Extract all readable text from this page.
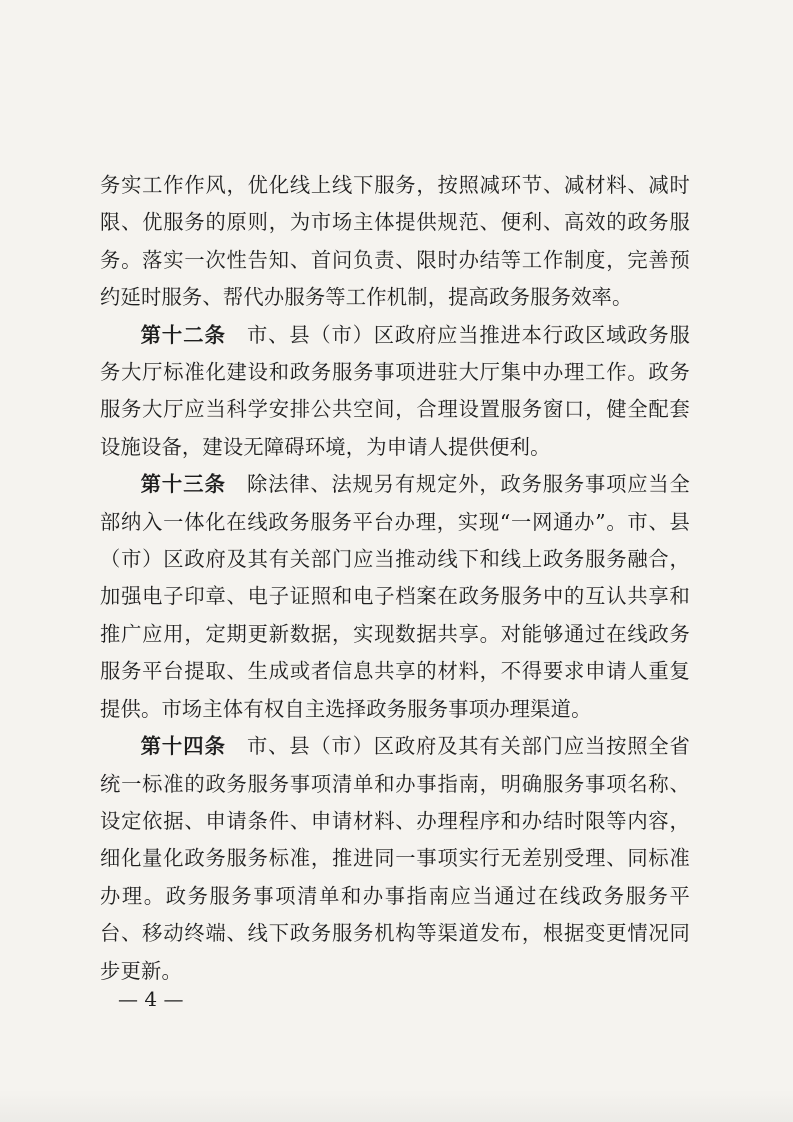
务实工作作风，优化线上线下服务，按照减环节、减材料、减时限、优服务的原则，为市场主体提供规范、便利、高效的政务服务。落实一次性告知、首问负责、限时办结等工作制度，完善预约延时服务、帮代办服务等工作机制，提高政务服务效率。

第十二条　 市、县（市）区政府应当推进本行政区域政务服务大厅标准化建设和政务服务事项进驻大厅集中办理工作。政务服务大厅应当科学安排公共空间，合理设置服务窗口，健全配套设施设备，建设无障碍环境，为申请人提供便利。

第十三条　 除法律、法规另有规定外，政务服务事项应当全部纳入一体化在线政务服务平台办理，实现“一网通办”。市、县（市）区政府及其有关部门应当推动线下和线上政务服务融合，加强电子印章、电子证照和电子档案在政务服务中的互认共享和推广应用，定期更新数据，实现数据共享。对能够通过在线政务服务平台提取、生成或者信息共享的材料，不得要求申请人重复提供。市场主体有权自主选择政务服务事项办理渠道。

第十四条　 市、县（市）区政府及其有关部门应当按照全省统一标准的政务服务事项清单和办事指南，明确服务事项名称、设定依据、申请条件、申请材料、办理程序和办结时限等内容，细化量化政务服务标准，推进同一事项实行无差别受理、同标准办理。政务服务事项清单和办事指南应当通过在线政务服务平台、移动终端、线下政务服务机构等渠道发布，根据变更情况同步更新。

— 4 —
